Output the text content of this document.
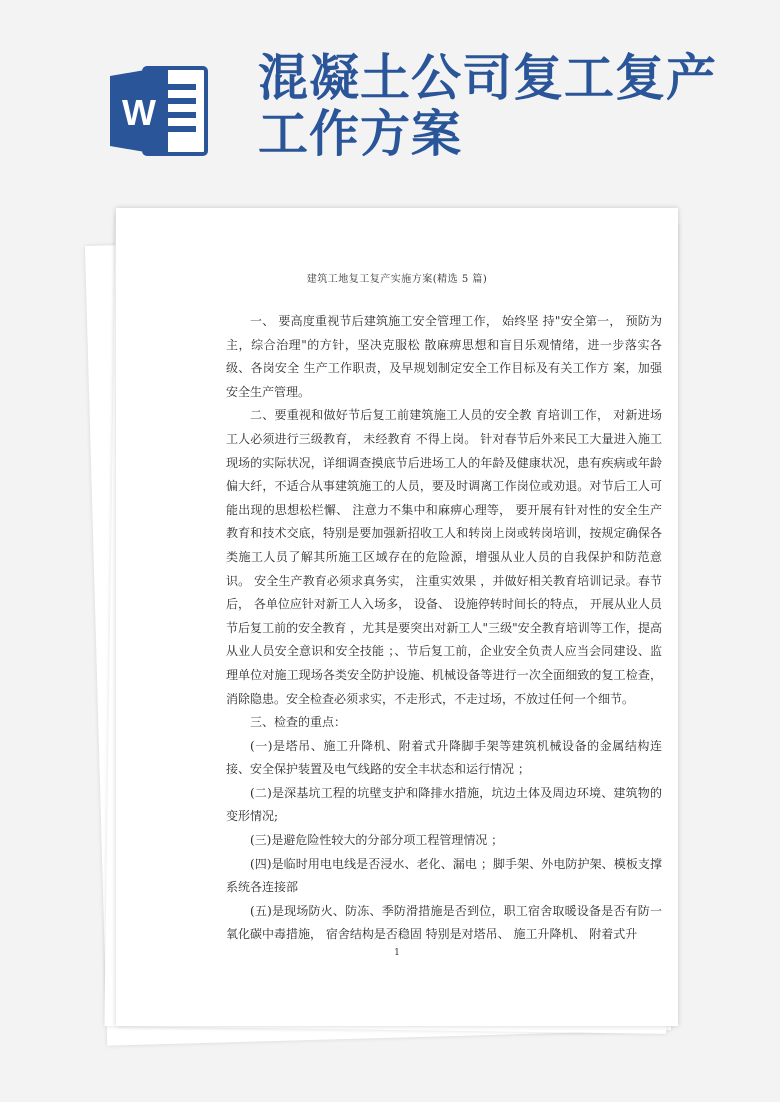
W
混凝土公司复工复产工作方案
建筑工地复工复产实施方案(精选 5 篇)

一、 要高度重视节后建筑施工安全管理工作， 始终坚 持"安全第一， 预防为主，综合治理"的方针，坚决克服松 散麻痹思想和盲目乐观情绪，进一步落实各级、各岗安全 生产工作职责，及早规划制定安全工作目标及有关工作方 案，加强安全生产管理。

二、要重视和做好节后复工前建筑施工人员的安全教 育培训工作， 对新进场工人必须进行三级教育， 未经教育 不得上岗。 针对春节后外来民工大量进入施工现场的实际状况，详细调查摸底节后进场工人的年龄及健康状况，患有疾病或年龄偏大纤，不适合从事建筑施工的人员，要及时调离工作岗位或劝退。对节后工人可能出现的思想松栏懈、 注意力不集中和麻痹心理等， 要开展有针对性的安全生产教育和技术交底，特别是要加强新招收工人和转岗上岗或转岗培训，按规定确保各类施工人员了解其所施工区域存在的危险源，增强从业人员的自我保护和防范意识。 安全生产教育必须求真务实， 注重实效果 ，并做好相关教育培训记录。春节后， 各单位应针对新工人入场多， 设备、 设施停转时间长的特点， 开展从业人员节后复工前的安全教育 ，尤其是要突出对新工人"三级"安全教育培训等工作，提高从业人员安全意识和安全技能 ；、节后复工前，企业安全负责人应当会同建设、监理单位对施工现场各类安全防护设施、机械设备等进行一次全面细致的复工检查，消除隐患。安全检查必须求实，不走形式，不走过场，不放过任何一个细节。

三、检查的重点：

(一)是塔吊、施工升降机、附着式升降脚手架等建筑机械设备的金属结构连接、安全保护装置及电气线路的安全丰状态和运行情况 ；

(二)是深基坑工程的坑壁支护和降排水措施，坑边土体及周边环境、建筑物的变形情况;

(三)是避危险性较大的分部分项工程管理情况 ；

(四)是临时用电电线是否浸水、老化、漏电 ；脚手架、外电防护架、模板支撑系统各连接部

(五)是现场防火、防冻、季防滑措施是否到位，职工宿舍取暖设备是否有防一氧化碳中毒措施， 宿舍结构是否稳固 特别是对塔吊、 施工升降机、 附着式升

1
